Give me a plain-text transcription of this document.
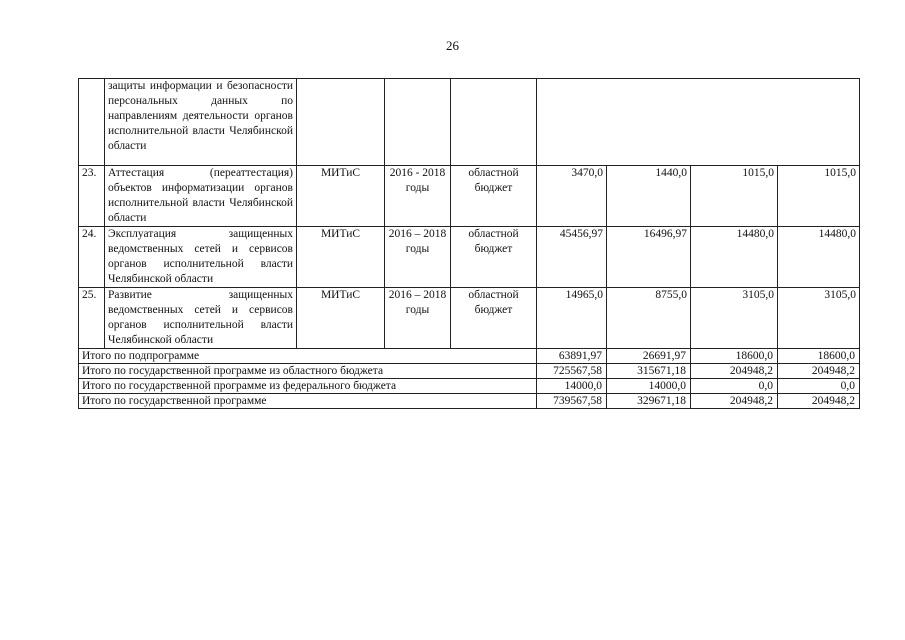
26
	защиты информации и безопасности персональных данных по направлениям деятельности органов исполнительной власти Челябинской области							
23.	Аттестация (переаттестация) объектов информатизации органов исполнительной власти Челябинской области	МИТиС	2016 - 2018 годы	областной бюджет	3470,0	1440,0	1015,0	1015,0
24.	Эксплуатация защищенных ведомственных сетей и сервисов органов исполнительной власти Челябинской области	МИТиС	2016 – 2018 годы	областной бюджет	45456,97	16496,97	14480,0	14480,0
25.	Развитие защищенных ведомственных сетей и сервисов органов исполнительной власти Челябинской области	МИТиС	2016 – 2018 годы	областной бюджет	14965,0	8755,0	3105,0	3105,0
Итого по подпрограмме					63891,97	26691,97	18600,0	18600,0
Итого по государственной программе из областного бюджета					725567,58	315671,18	204948,2	204948,2
Итого по государственной программе из федерального бюджета					14000,0	14000,0	0,0	0,0
Итого по государственной программе					739567,58	329671,18	204948,2	204948,2
